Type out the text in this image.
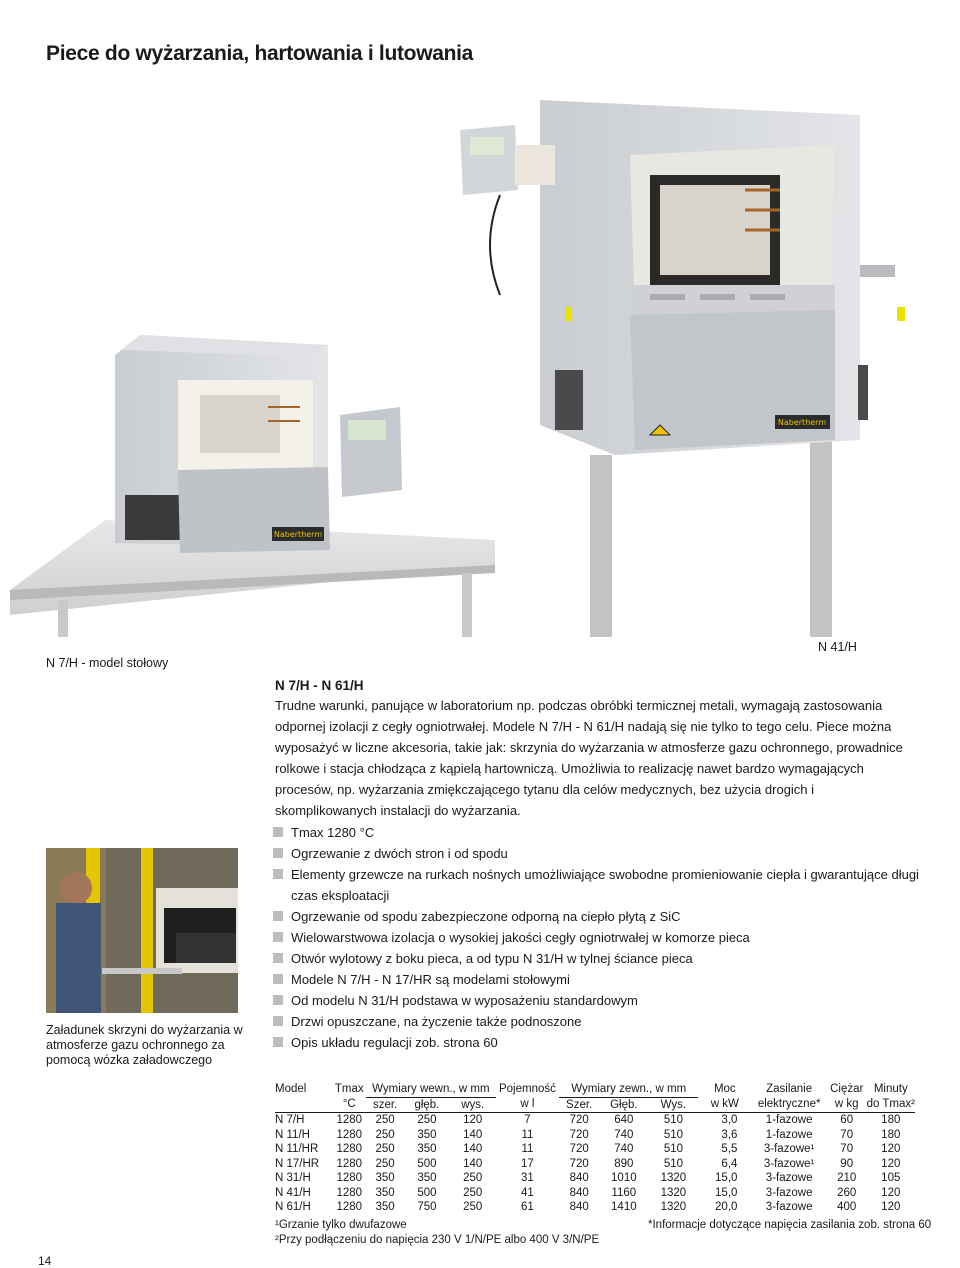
Piece do wyżarzania, hartowania i lutowania
Nabertherm
Nabertherm
N 7/H - model stołowy
N 41/H
N 7/H - N 61/H

Trudne warunki, panujące w laboratorium np. podczas obróbki termicznej metali, wymagają zastosowania odpornej izolacji z cegły ogniotrwałej. Modele N 7/H - N 61/H nadają się nie tylko to tego celu. Piece można wyposażyć w liczne akcesoria, takie jak: skrzynia do wyżarzania w atmosferze gazu ochronnego, prowadnice rolkowe i stacja chłodząca z kąpielą hartowniczą. Umożliwia to realizację nawet bardzo wymagających procesów, np. wyżarzania zmiękczającego tytanu dla celów medycznych, bez użycia drogich i skomplikowanych instalacji do wyżarzania.

Załadunek skrzyni do wyżarzania w atmosferze gazu ochronnego za pomocą wózka załadowczego
Tmax 1280 °C
Ogrzewanie z dwóch stron i od spodu
Elementy grzewcze na rurkach nośnych umożliwiające swobodne promieniowanie ciepła i gwarantujące długi czas eksploatacji
Ogrzewanie od spodu zabezpieczone odporną na ciepło płytą z SiC
Wielowarstwowa izolacja o wysokiej jakości cegły ogniotrwałej w komorze pieca
Otwór wylotowy z boku pieca, a od typu N 31/H w tylnej ściance pieca
Modele N 7/H - N 17/HR są modelami stołowymi
Od modelu N 31/H podstawa w wyposażeniu standardowym
Drzwi opuszczane, na życzenie także podnoszone
Opis układu regulacji zob. strona 60
Model	Tmax	Wymiary wewn., w mm			Pojemność	Wymiary zewn., w mm			Moc	Zasilanie	Ciężar	Minuty
	°C	szer.	głęb.	wys.	w l	Szer.	Głęb.	Wys.	w kW	elektryczne*	w kg	do Tmax²
N 7/H	1280	250	250	120	7	720	640	510	3,0	1-fazowe	60	180
N 11/H	1280	250	350	140	11	720	740	510	3,6	1-fazowe	70	180
N 11/HR	1280	250	350	140	11	720	740	510	5,5	3-fazowe¹	70	120
N 17/HR	1280	250	500	140	17	720	890	510	6,4	3-fazowe¹	90	120
N 31/H	1280	350	350	250	31	840	1010	1320	15,0	3-fazowe	210	105
N 41/H	1280	350	500	250	41	840	1160	1320	15,0	3-fazowe	260	120
N 61/H	1280	350	750	250	61	840	1410	1320	20,0	3-fazowe	400	120
¹Grzanie tylko dwufazowe
²Przy podłączeniu do napięcia 230 V 1/N/PE albo 400 V 3/N/PE
*Informacje dotyczące napięcia zasilania zob. strona 60
14
